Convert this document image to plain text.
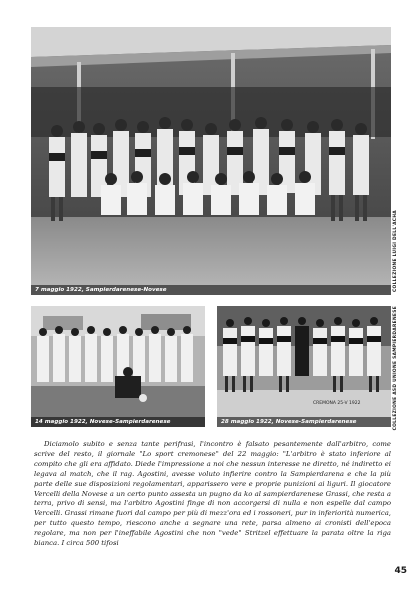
7 maggio 1922, Sampierdarenese-Novese	COLLEZIONE LUIGI DELL'ACHA
14 maggio 1922, Novese-Sampierdarenese
CREMONA 25-V 1922
28 maggio 1922, Novese-Sampierdarenese	COLLEZIONE ASD UNIONE SAMPIERDARENESE

Diciamolo subito e senza tante perifrasi, l'incontro è falsato pesantemente dall'arbitro, come scrive del resto, il giornale "Lo sport cremonese" del 22 maggio: "L'arbitro è stato inferiore al compito che gli era affidato. Diede l'impressione a noi che nessun interesse ne diretto, né indiretto ei legava al match, che il rag. Agostini, avesse voluto infierire contro la Sampierdarena e che la più parte delle sue disposizioni regolamentari, apparissero vere e proprie punizioni ai liguri. Il giocatore Vercelli della Novese a un certo punto assesta un pugno da ko al sampierdarenese Grassi, che resta a terra, privo di sensi, ma l'arbitro Agostini finge di non accorgersi di nulla e non espelle dal campo Vercelli. Grassi rimane fuori dal campo per più di mezz'ora ed i rossoneri, pur in inferiorità numerica, per tutto questo tempo, riescono anche a segnare una rete, parsa almeno ai cronisti dell'epoca regolare, ma non per l'ineffabile Agostini che non "vede" Stritzel effettuare la parata oltre la riga bianca. I circa 500 tifosi

45
